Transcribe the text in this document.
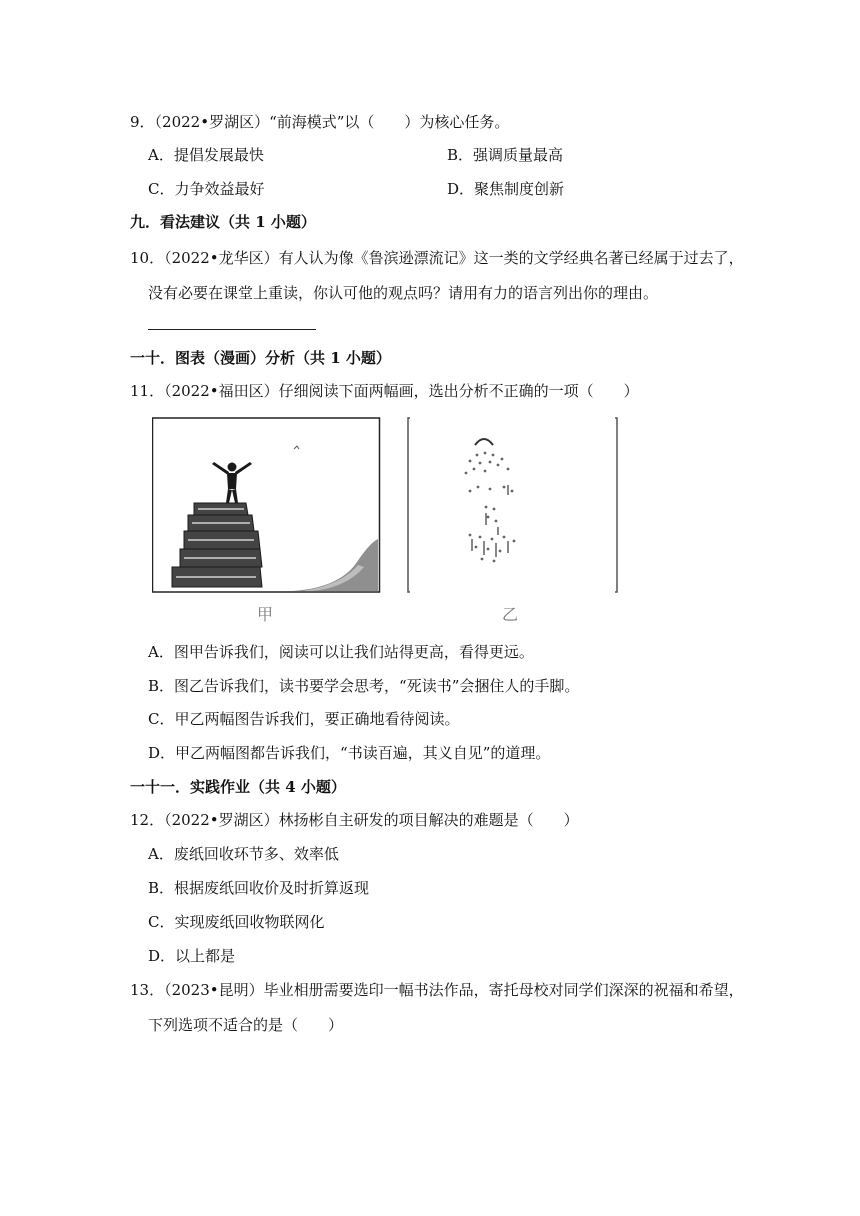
9．（2022•罗湖区）“前海模式”以（　　）为核心任务。
A．提倡发展最快	B．强调质量最高
C．力争效益最好	D．聚焦制度创新
九．看法建议（共 1 小题）
10．（2022•龙华区）有人认为像《鲁滨逊漂流记》这一类的文学经典名著已经属于过去了，
没有必要在课堂上重读，你认可他的观点吗？请用有力的语言列出你的理由。
一十．图表（漫画）分析（共 1 小题）
11．（2022•福田区）仔细阅读下面两幅画，选出分析不正确的一项（　　）
甲	乙
A．图甲告诉我们，阅读可以让我们站得更高，看得更远。
B．图乙告诉我们，读书要学会思考，“死读书”会捆住人的手脚。
C．甲乙两幅图告诉我们，要正确地看待阅读。
D．甲乙两幅图都告诉我们，“书读百遍，其义自见”的道理。
一十一．实践作业（共 4 小题）
12．（2022•罗湖区）林扬彬自主研发的项目解决的难题是（　　）
A．废纸回收环节多、效率低
B．根据废纸回收价及时折算返现
C．实现废纸回收物联网化
D．以上都是
13．（2023•昆明）毕业相册需要选印一幅书法作品，寄托母校对同学们深深的祝福和希望，
下列选项不适合的是（　　）
